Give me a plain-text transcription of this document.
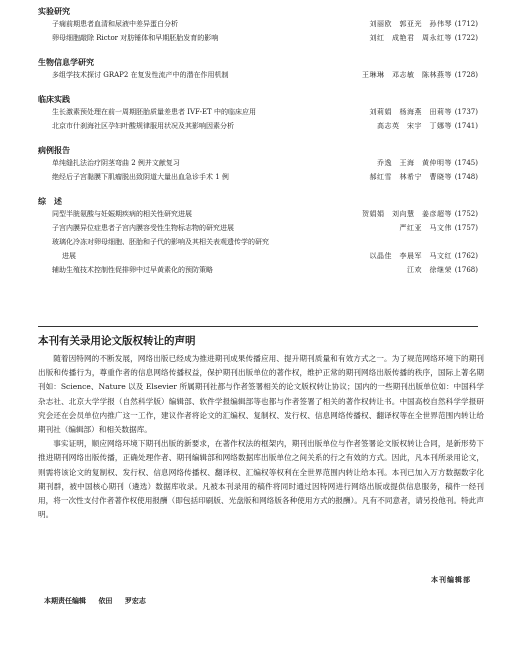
实验研究
子痫前期患者血清和尿液中差异蛋白分析	刘丽欧　郭亚光　孙伟琴 (1712)
卵母细胞敲除 Rictor 对肪锤体和早期胚胎发育的影响	刘红　成艳君　周永红等 (1722)
生物信息学研究
多组学技术探讨 GRAP2 在复发性流产中的潜在作用机制	王琳琳　邓志敏　陈林燕等 (1728)
临床实践
生长激素预处理在前一周期胚胎质量差患者 IVF-ET 中的临床应用	刘莉娟　杨海燕　田莉等 (1737)
北京市什刹海社区孕妇叶酸规律服用状况及其影响因素分析	高志英　宋宇　丁娜等 (1741)
病例报告
单纯缝扎法治疗阴茎弯曲 2 例并文献复习	乔逸　王海　黄仲明等 (1745)
绝经后子宫黏膜下肌瘤脱出致阴道大量出血急诊手术 1 例	郝红雪　林希宁　曹晓等 (1748)
综　述
同型半胱氨酸与妊娠期疾病的相关性研究进展	贺娟娟　刘向慧　姜彦超等 (1752)
子宫内膜异位症患者子宫内膜容受性生物标志物的研究进展	严红亚　马文伟 (1757)
玻璃化冷冻对卵母细胞、胚胎和子代的影响及其相关表观遗传学的研究
进展	以晶佳　李晨军　马文红 (1762)
辅助生殖技术控制性促排卵中过早黄素化的预防策略	江欢　徐继荣 (1768)
本刊有关录用论文版权转让的声明

随着因特网的不断发展，网络出版已经成为推进期刊成果传播应用、提升期刊质量和有效方式之一。为了规范网络环境下的期刊出版和传播行为，尊重作者的信息网络传播权益，保护期刊出版单位的著作权，维护正常的期刊网络出版传播的秩序，国际上著名期刊如：Science、Nature 以及 Elsevier 所属期刊社都与作者签署相关的论文版权转让协议；国内的一些期刊出版单位如：中国科学杂志社、北京大学学报（自然科学版）编辑部、软件学报编辑部等也都与作者签署了相关的著作权转让书。中国高校自然科学学报研究会还在会员单位内推广这一工作，建议作者将论文的汇编权、复制权、发行权、信息网络传播权、翻译权等在全世界范围内转让给期刊社（编辑部）和相关数据库。

事实证明，顺应网络环境下期刊出版的新要求，在著作权法的框架内，期刊出版单位与作者签署论文版权转让合同，是新形势下推进期刊网络出版传播，正确处理作者、期刊编辑部和网络数据库出版单位之间关系的行之有效的方式。因此，凡本刊所录用论文，则需将该论文的复制权、发行权、信息网络传播权、翻译权、汇编权等权利在全世界范围内转让给本刊。本刊已加入万方数据数字化期刊群，被中国核心期刊（遴选）数据库收录。凡被本刊录用的稿件将同时通过因特网进行网络出版或提供信息服务，稿件一经刊用，将一次性支付作者著作权使用报酬（即包括印刷版、光盘版和网络版各种使用方式的报酬）。凡有不同意者，请另投他刊。特此声明。

本刊编辑部
本期责任编辑 依田 罗宏志
